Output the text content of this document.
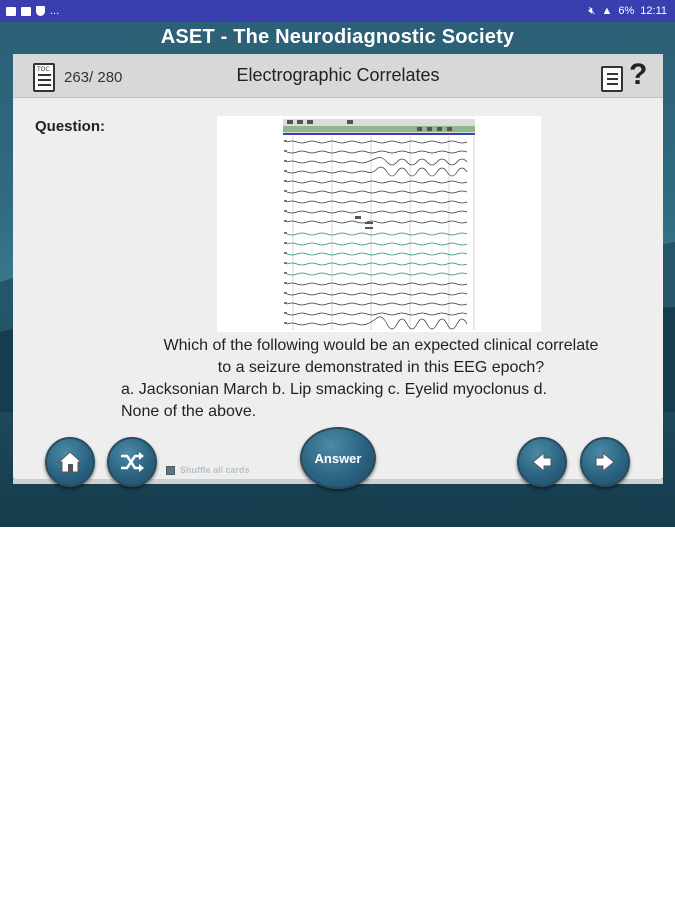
...	🔇︎ ▲ 6% 12:11
ASET - The Neurodiagnostic Society
TOC 263/ 280	Electrographic Correlates	?
Question:
Which of the following would be an expected clinical correlate
to a seizure demonstrated in this EEG epoch?
a. Jacksonian March b. Lip smacking c. Eyelid myoclonus d.
None of the above.
Shuffle all cards
Answer
